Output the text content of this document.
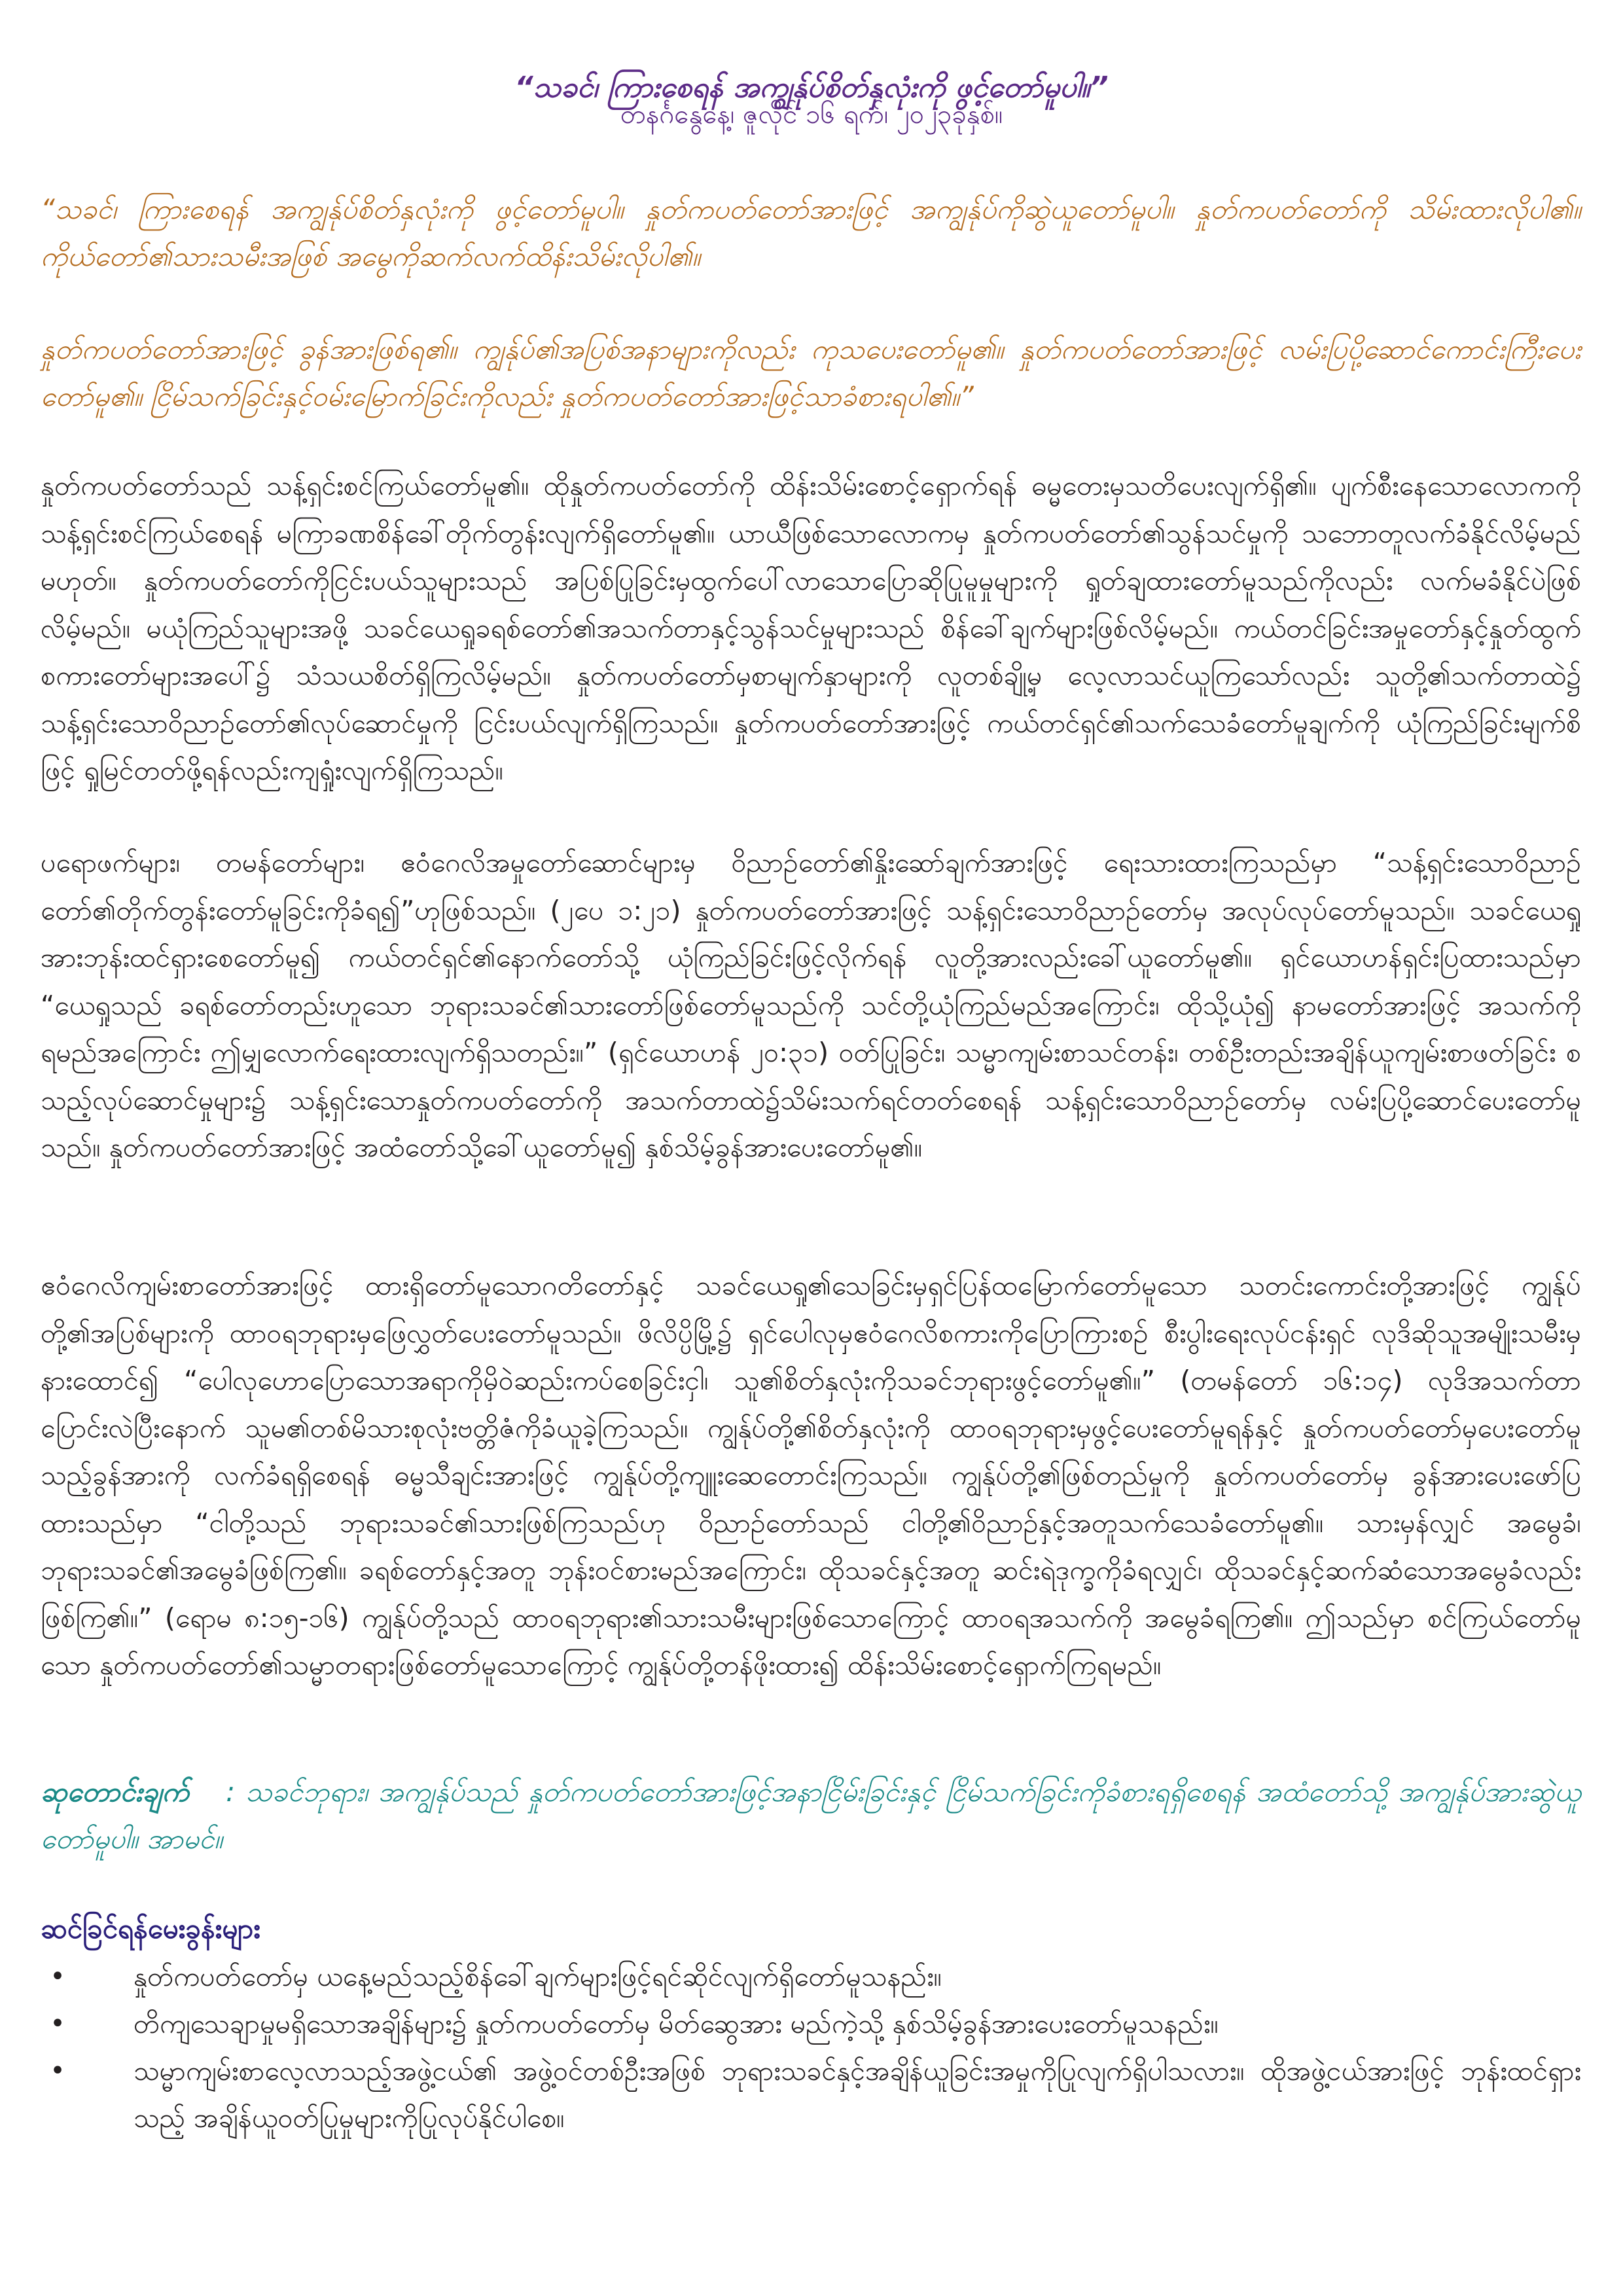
“သခင်၊ ကြားစေရန် အကျွန်ုပ်စိတ်နှလုံးကို ဖွင့်တော်မူပါ။”
တနင်္ဂနွေနေ့၊ ဇူလိုင် ၁၆ ရက်၊ ၂၀၂၃ခုနှစ်။

“သခင်၊ ကြားစေရန် အကျွန်ုပ်စိတ်နှလုံးကို ဖွင့်တော်မူပါ။ နှုတ်ကပတ်တော်အားဖြင့် အကျွန်ုပ်ကိုဆွဲယူတော်မူပါ။ နှုတ်ကပတ်တော်ကို သိမ်းထားလိုပါ၏။ ကိုယ်တော်၏သားသမီးအဖြစ် အမွေကိုဆက်လက်ထိန်းသိမ်းလိုပါ၏။

နှုတ်ကပတ်တော်အားဖြင့် ခွန်အားဖြစ်ရ၏။ ကျွန်ုပ်၏အပြစ်အနာများကိုလည်း ကုသပေးတော်မူ၏။ နှုတ်ကပတ်တော်အားဖြင့် လမ်းပြပို့ဆောင်ကောင်းကြီးပေးတော်မူ၏။ ငြိမ်သက်ခြင်းနှင့်ဝမ်းမြောက်ခြင်းကိုလည်း နှုတ်ကပတ်တော်အားဖြင့်သာခံစားရပါ၏။”

နှုတ်ကပတ်တော်သည် သန့်ရှင်းစင်ကြယ်တော်မူ၏။ ထိုနှုတ်ကပတ်တော်ကို ထိန်းသိမ်းစောင့်ရှောက်ရန် ဓမ္မတေးမှသတိပေးလျက်ရှိ၏။ ပျက်စီးနေသောလောကကို သန့်ရှင်းစင်ကြယ်စေရန် မကြာခဏစိန်ခေါ်တိုက်တွန်းလျက်ရှိတော်မူ၏။ ယာယီဖြစ်သောလောကမှ နှုတ်ကပတ်တော်၏သွန်သင်မှုကို သဘောတူလက်ခံနိုင်လိမ့်မည်မဟုတ်။ နှုတ်ကပတ်တော်ကိုငြင်းပယ်သူများသည် အပြစ်ပြုခြင်းမှထွက်ပေါ်လာသောပြောဆိုပြုမူမှုများကို ရှုတ်ချထားတော်မူသည်ကိုလည်း လက်မခံနိုင်ပဲဖြစ်လိမ့်မည်။ မယုံကြည်သူများအဖို့ သခင်ယေရှုခရစ်တော်၏အသက်တာနှင့်သွန်သင်မှုများသည် စိန်ခေါ်ချက်များဖြစ်လိမ့်မည်။ ကယ်တင်ခြင်းအမှုတော်နှင့်နှုတ်ထွက်စကားတော်များအပေါ်၌ သံသယစိတ်ရှိကြလိမ့်မည်။ နှုတ်ကပတ်တော်မှစာမျက်နှာများကို လူတစ်ချို့မှ လေ့လာသင်ယူကြသော်လည်း သူတို့၏သက်တာထဲ၌ သန့်ရှင်းသောဝိညာဉ်တော်၏လုပ်ဆောင်မှုကို ငြင်းပယ်လျက်ရှိကြသည်။ နှုတ်ကပတ်တော်အားဖြင့် ကယ်တင်ရှင်၏သက်သေခံတော်မူချက်ကို ယုံကြည်ခြင်းမျက်စိဖြင့် ရှုမြင်တတ်ဖို့ရန်လည်းကျရှုံးလျက်ရှိကြသည်။

ပရောဖက်များ၊ တမန်တော်များ၊ ဧဝံဂေလိအမှုတော်ဆောင်များမှ ဝိညာဉ်တော်၏နှိုးဆော်ချက်အားဖြင့် ရေးသားထားကြသည်မှာ “သန့်ရှင်းသောဝိညာဉ်တော်၏တိုက်တွန်းတော်မူခြင်းကိုခံရ၍”ဟုဖြစ်သည်။ (၂ပေ ၁:၂၁) နှုတ်ကပတ်တော်အားဖြင့် သန့်ရှင်းသောဝိညာဉ်တော်မှ အလုပ်လုပ်တော်မူသည်။ သခင်ယေရှုအားဘုန်းထင်ရှားစေတော်မူ၍ ကယ်တင်ရှင်၏နောက်တော်သို့ ယုံကြည်ခြင်းဖြင့်လိုက်ရန် လူတို့အားလည်းခေါ်ယူတော်မူ၏။ ရှင်ယောဟန်ရှင်းပြထားသည်မှာ “ယေရှုသည် ခရစ်တော်တည်းဟူသော ဘုရားသခင်၏သားတော်ဖြစ်တော်မူသည်ကို သင်တို့ယုံကြည်မည်အကြောင်း၊ ထိုသို့ယုံ၍ နာမတော်အားဖြင့် အသက်ကိုရမည်အကြောင်း ဤမျှလောက်ရေးထားလျက်ရှိသတည်း။” (ရှင်ယောဟန် ၂၀:၃၁) ဝတ်ပြုခြင်း၊ သမ္မာကျမ်းစာသင်တန်း၊ တစ်ဦးတည်းအချိန်ယူကျမ်းစာဖတ်ခြင်း စသည့်လုပ်ဆောင်မှုများ၌ သန့်ရှင်းသောနှုတ်ကပတ်တော်ကို အသက်တာထဲ၌သိမ်းသက်ရင်တတ်စေရန် သန့်ရှင်းသောဝိညာဉ်တော်မှ လမ်းပြပို့ဆောင်ပေးတော်မူသည်။ နှုတ်ကပတ်တော်အားဖြင့် အထံတော်သို့ခေါ်ယူတော်မူ၍ နှစ်သိမ့်ခွန်အားပေးတော်မူ၏။

ဧဝံဂေလိကျမ်းစာတော်အားဖြင့် ထားရှိတော်မူသောဂတိတော်နှင့် သခင်ယေရှု၏သေခြင်းမှရှင်ပြန်ထမြောက်တော်မူသော သတင်းကောင်းတို့အားဖြင့် ကျွန်ုပ်တို့၏အပြစ်များကို ထာဝရဘုရားမှဖြေလွှတ်ပေးတော်မူသည်။ ဖိလိပ္ပိမြို့၌ ရှင်ပေါလုမှဧဝံဂေလိစကားကိုပြောကြားစဉ် စီးပွါးရေးလုပ်ငန်းရှင် လုဒိဆိုသူအမျိုးသမီးမှ နားထောင်၍ “ပေါလုဟောပြောသောအရာကိုမှိဝဲဆည်းကပ်စေခြင်းငှါ၊ သူ၏စိတ်နှလုံးကိုသခင်ဘုရားဖွင့်တော်မူ၏။” (တမန်တော် ၁၆:၁၄) လုဒိအသက်တာပြောင်းလဲပြီးနောက် သူမ၏တစ်မိသားစုလုံးဗတ္တိဇံကိုခံယူခဲ့ကြသည်။ ကျွန်ုပ်တို့၏စိတ်နှလုံးကို ထာဝရဘုရားမှဖွင့်ပေးတော်မူရန်နှင့် နှုတ်ကပတ်တော်မှပေးတော်မူသည့်ခွန်အားကို လက်ခံရရှိစေရန် ဓမ္မသီချင်းအားဖြင့် ကျွန်ုပ်တို့ကျူးဆေတောင်းကြသည်။ ကျွန်ုပ်တို့၏ဖြစ်တည်မှုကို နှုတ်ကပတ်တော်မှ ခွန်အားပေးဖော်ပြထားသည်မှာ “ငါတို့သည် ဘုရားသခင်၏သားဖြစ်ကြသည်ဟု ဝိညာဉ်တော်သည် ငါတို့၏ဝိညာဉ်နှင့်အတူသက်သေခံတော်မူ၏။ သားမှန်လျှင် အမွေခံ၊ ဘုရားသခင်၏အမွေခံဖြစ်ကြ၏။ ခရစ်တော်နှင့်အတူ ဘုန်းဝင်စားမည်အကြောင်း၊ ထိုသခင်နှင့်အတူ ဆင်းရဲဒုက္ခကိုခံရလျှင်၊ ထိုသခင်နှင့်ဆက်ဆံသောအမွေခံလည်းဖြစ်ကြ၏။” (ရောမ ၈:၁၅-၁၆) ကျွန်ုပ်တို့သည် ထာဝရဘုရား၏သားသမီးများဖြစ်သောကြောင့် ထာဝရအသက်ကို အမွေခံရကြ၏။ ဤသည်မှာ စင်ကြယ်တော်မူသော နှုတ်ကပတ်တော်၏သမ္မာတရားဖြစ်တော်မူသောကြောင့် ကျွန်ုပ်တို့တန်ဖိုးထား၍ ထိန်းသိမ်းစောင့်ရှောက်ကြရမည်။

ဆုတောင်းချက် : သခင်ဘုရား၊ အကျွန်ုပ်သည် နှုတ်ကပတ်တော်အားဖြင့်အနာငြိမ်းခြင်းနှင့် ငြိမ်သက်ခြင်းကိုခံစားရရှိစေရန် အထံတော်သို့ အကျွန်ုပ်အားဆွဲယူတော်မူပါ။ အာမင်။

ဆင်ခြင်ရန်မေးခွန်းများ
•	နှုတ်ကပတ်တော်မှ ယနေ့မည်သည့်စိန်ခေါ်ချက်များဖြင့်ရင်ဆိုင်လျက်ရှိတော်မူသနည်း။
•	တိကျသေချာမှုမရှိသောအချိန်များ၌ နှုတ်ကပတ်တော်မှ မိတ်ဆွေအား မည်ကဲ့သို့ နှစ်သိမ့်ခွန်အားပေးတော်မူသနည်း။
•	သမ္မာကျမ်းစာလေ့လာသည့်အဖွဲ့ငယ်၏ အဖွဲ့ဝင်တစ်ဦးအဖြစ် ဘုရားသခင်နှင့်အချိန်ယူခြင်းအမှုကိုပြုလျက်ရှိပါသလား။ ထိုအဖွဲ့ငယ်အားဖြင့် ဘုန်းထင်ရှားသည့် အချိန်ယူဝတ်ပြုမှုများကိုပြုလုပ်နိုင်ပါစေ။
